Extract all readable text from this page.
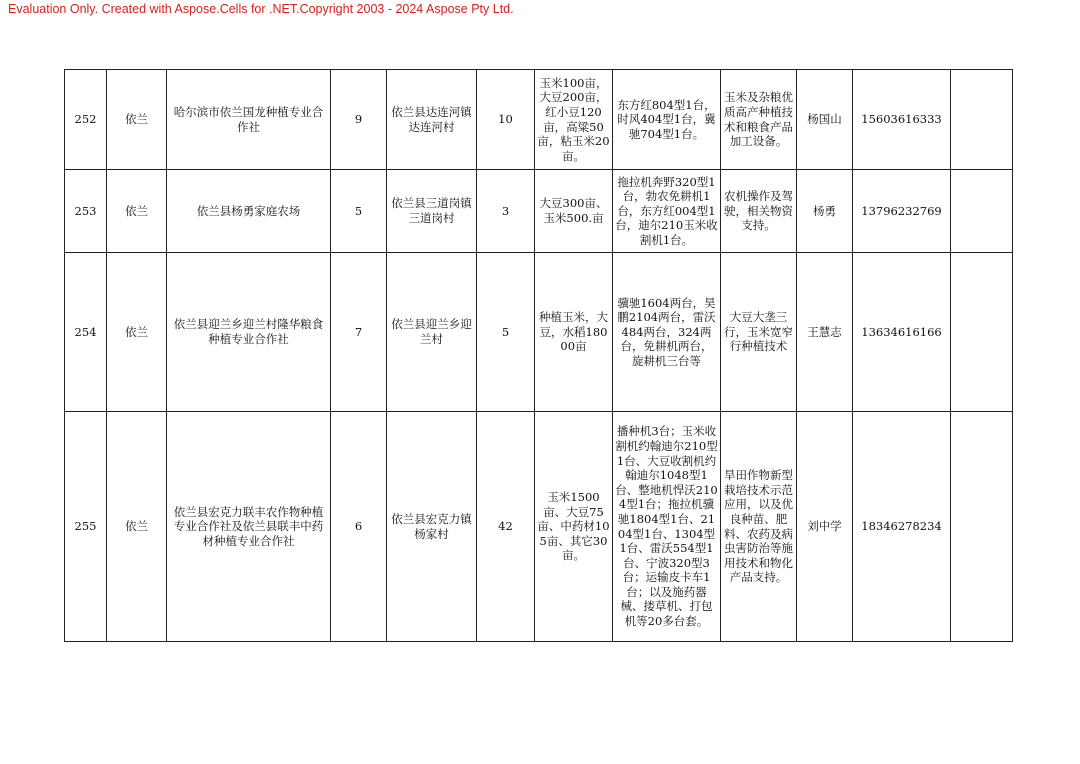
Evaluation Only. Created with Aspose.Cells for .NET.Copyright 2003 - 2024 Aspose Pty Ltd.
252	依兰	哈尔滨市依兰国龙种植专业合作社	9	依兰县达连河镇达连河村	10	玉米100亩，大豆200亩，红小豆120亩，高粱50亩，粘玉米20亩。	东方红804型1台，时风404型1台，冀驰704型1台。	玉米及杂粮优质高产种植技术和粮食产品加工设备。	杨国山	15603616333	
253	依兰	依兰县杨勇家庭农场	5	依兰县三道岗镇三道岗村	3	大豆300亩、玉米500.亩	拖拉机奔野320型1台，勃农免耕机1台，东方红004型1台，迪尔210玉米收割机1台。	农机操作及驾驶，相关物资支持。	杨勇	13796232769	
254	依兰	依兰县迎兰乡迎兰村隆华粮食种植专业合作社	7	依兰县迎兰乡迎兰村	5	种植玉米，大豆，水稻18000亩	骥驰1604两台，昊鹏2104两台，雷沃484两台，324两台，免耕机两台，旋耕机三台等	大豆大垄三行，玉米宽窄行种植技术	王慧志	13634616166	
255	依兰	依兰县宏克力联丰农作物种植专业合作社及依兰县联丰中药材种植专业合作社	6	依兰县宏克力镇杨家村	42	玉米1500亩、大豆75亩、中药材105亩、其它30亩。	播种机3台；玉米收割机约翰迪尔210型1台、大豆收割机约翰迪尔1048型1台、整地机悍沃2104型1台；拖拉机骥驰1804型1台、2104型1台、1304型1台、雷沃554型1台、宁波320型3台；运输皮卡车1台；以及施药器械、搂草机、打包机等20多台套。	旱田作物新型栽培技术示范应用，以及优良种苗、肥料、农药及病虫害防治等施用技术和物化产品支持。	刘中学	18346278234	
